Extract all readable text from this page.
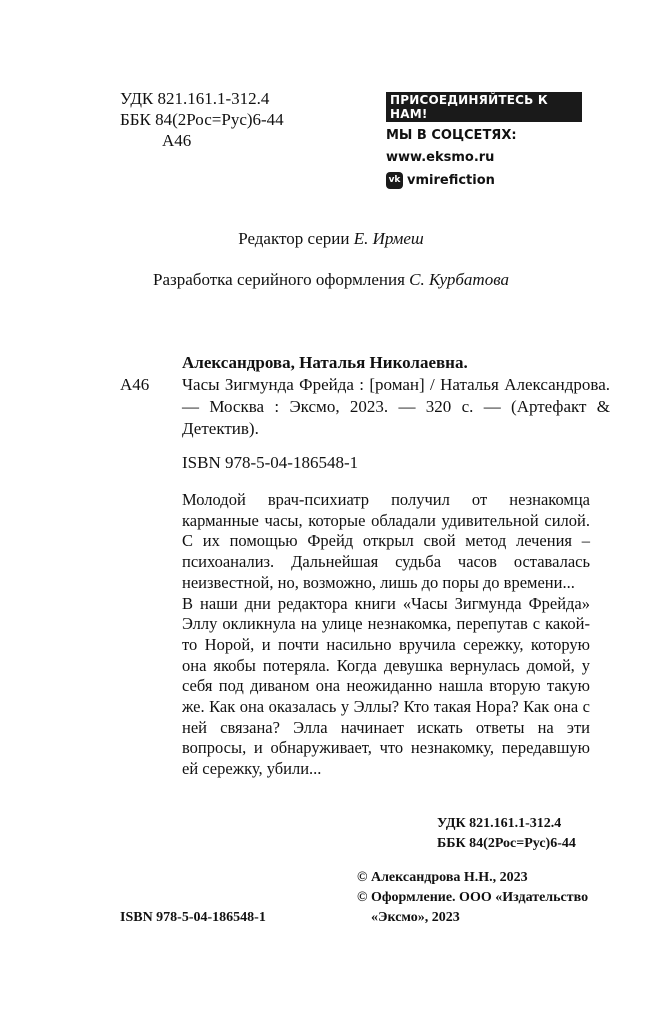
УДК 821.161.1-312.4
ББК 84(2Рос=Рус)6-44
А46
ПРИСОЕДИНЯЙТЕСЬ К НАМ!
МЫ В СОЦСЕТЯХ:
www.eksmo.ru
vk vmirefiction
Редактор серии Е. Ирмеш
Разработка серийного оформления С. Курбатова
Александрова, Наталья Николаевна.
А46	Часы Зигмунда Фрейда : [роман] / Наталья Александрова. — Москва : Эксмо, 2023. — 320 с. — (Артефакт & Детектив).
ISBN 978-5-04-186548-1

Молодой врач-психиатр получил от незнакомца карманные часы, которые обладали удивительной силой. С их помощью Фрейд открыл свой метод лечения – психоанализ. Дальнейшая судьба часов оставалась неизвестной, но, возможно, лишь до поры до времени...

В наши дни редактора книги «Часы Зигмунда Фрейда» Эллу окликнула на улице незнакомка, перепутав с какой-то Норой, и почти насильно вручила сережку, которую она якобы потеряла. Когда девушка вернулась домой, у себя под диваном она неожиданно нашла вторую такую же. Как она оказалась у Эллы? Кто такая Нора? Как она с ней связана? Элла начинает искать ответы на эти вопросы, и обнаруживает, что незнакомку, передавшую ей сережку, убили...

УДК 821.161.1-312.4
ББК 84(2Рос=Рус)6-44
© Александрова Н.Н., 2023
© Оформление. ООО «Издательство
«Эксмо», 2023
ISBN 978-5-04-186548-1
